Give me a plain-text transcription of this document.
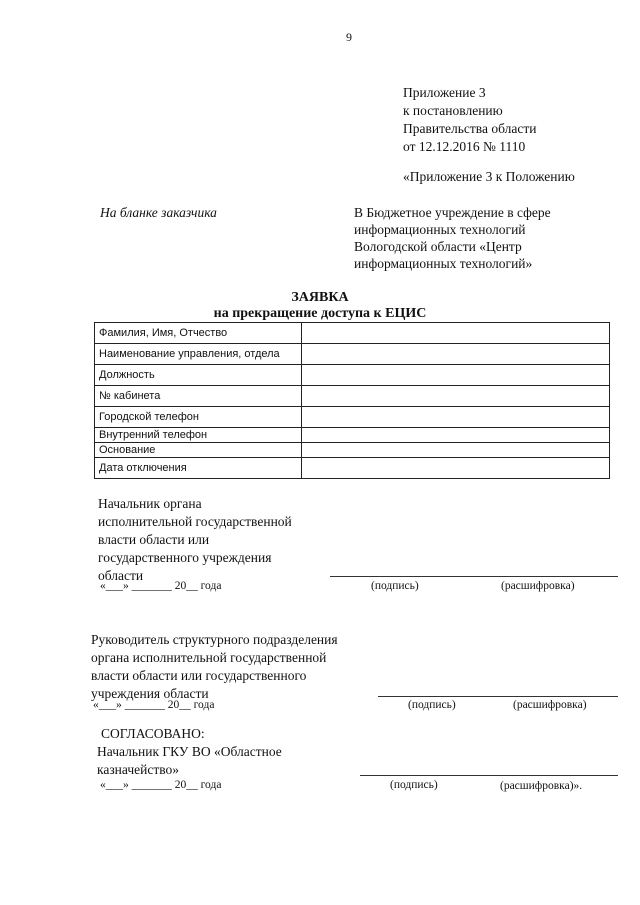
9
Приложение 3
к постановлению
Правительства области
от 12.12.2016 № 1110
«Приложение 3 к Положению
На бланке заказчика	В Бюджетное учреждение в сфере
информационных технологий
Вологодской области «Центр
информационных технологий»
ЗАЯВКА
на прекращение доступа к ЕЦИС
Фамилия, Имя, Отчество	
Наименование управления, отдела	
Должность	
№ кабинета	
Городской телефон	
Внутренний телефон	
Основание	
Дата отключения	
Начальник органа
исполнительной государственной
власти области или
государственного учреждения
области
«___» _______ 20__ года	(подпись)	(расшифровка)
Руководитель структурного подразделения
органа исполнительной государственной
власти области или государственного
учреждения области
«___» _______ 20__ года	(подпись)	(расшифровка)
СОГЛАСОВАНО:
Начальник ГКУ ВО «Областное
казначейство»
«___» _______ 20__ года	(подпись)	(расшифровка)».
